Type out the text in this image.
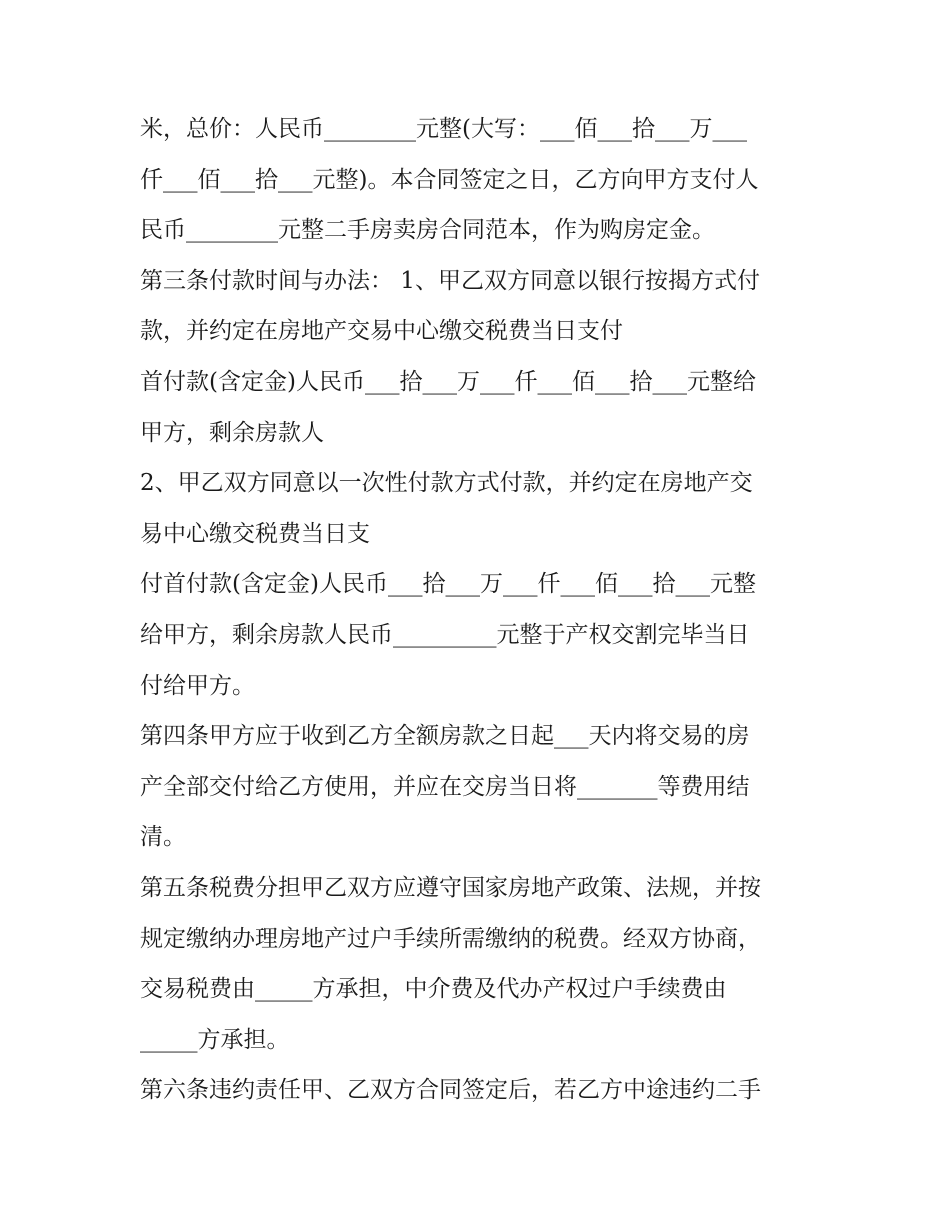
米，总价：人民币________元整(大写：___佰___拾___万___
仟___佰___拾___元整)。本合同签定之日，乙方向甲方支付人
民币________元整二手房卖房合同范本，作为购房定金。
第三条付款时间与办法： 1、甲乙双方同意以银行按揭方式付
款，并约定在房地产交易中心缴交税费当日支付
首付款(含定金)人民币___拾___万___仟___佰___拾___元整给
甲方，剩余房款人
2、甲乙双方同意以一次性付款方式付款，并约定在房地产交
易中心缴交税费当日支
付首付款(含定金)人民币___拾___万___仟___佰___拾___元整
给甲方，剩余房款人民币_________元整于产权交割完毕当日
付给甲方。
第四条甲方应于收到乙方全额房款之日起___天内将交易的房
产全部交付给乙方使用，并应在交房当日将_______等费用结
清。
第五条税费分担甲乙双方应遵守国家房地产政策、法规，并按
规定缴纳办理房地产过户手续所需缴纳的税费。经双方协商，
交易税费由_____方承担，中介费及代办产权过户手续费由
_____方承担。
第六条违约责任甲、乙双方合同签定后，若乙方中途违约二手
